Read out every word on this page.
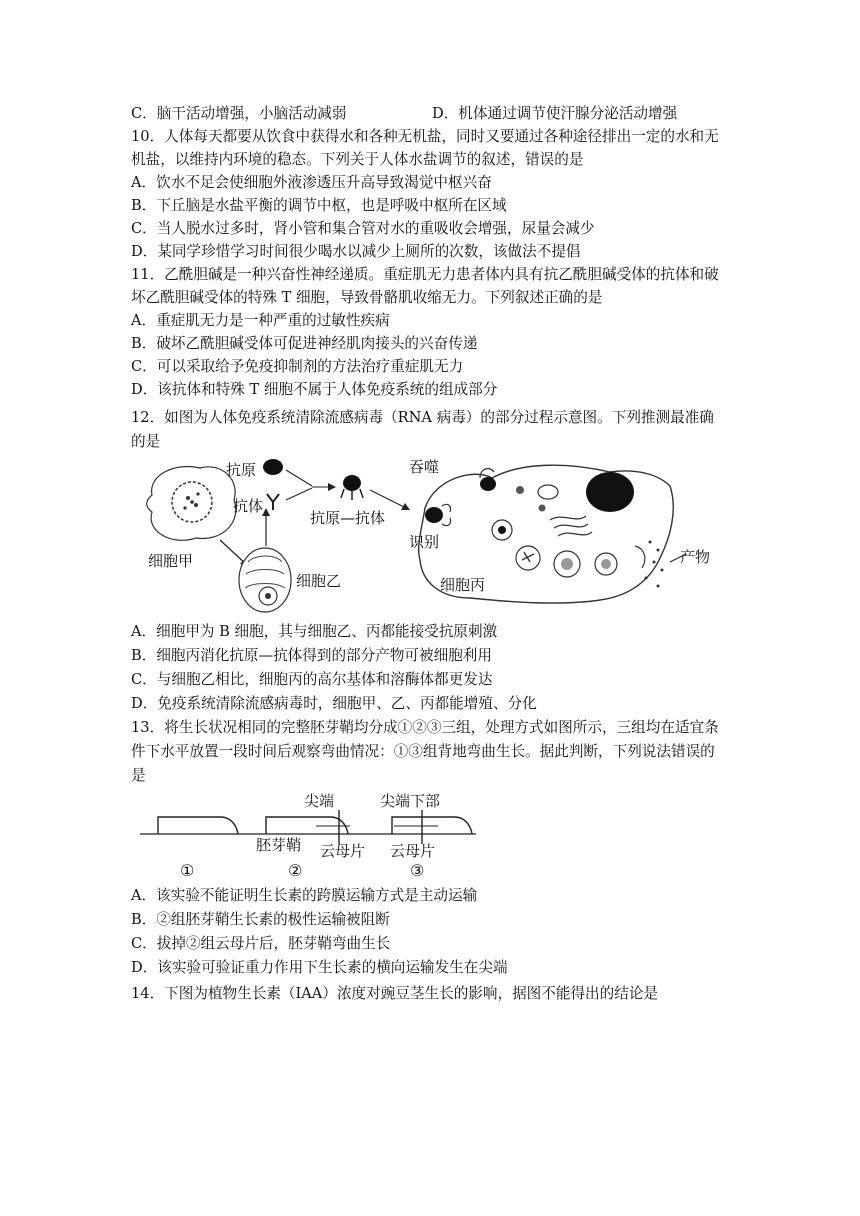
C．脑干活动增强，小脑活动减弱	D．机体通过调节使汗腺分泌活动增强
10．人体每天都要从饮食中获得水和各种无机盐，同时又要通过各种途径排出一定的水和无
机盐，以维持内环境的稳态。下列关于人体水盐调节的叙述，错误的是
A．饮水不足会使细胞外液渗透压升高导致渴觉中枢兴奋
B．下丘脑是水盐平衡的调节中枢，也是呼吸中枢所在区域
C．当人脱水过多时，肾小管和集合管对水的重吸收会增强，尿量会减少
D．某同学珍惜学习时间很少喝水以减少上厕所的次数，该做法不提倡
11．乙酰胆碱是一种兴奋性神经递质。重症肌无力患者体内具有抗乙酰胆碱受体的抗体和破
坏乙酰胆碱受体的特殊 T 细胞，导致骨骼肌收缩无力。下列叙述正确的是
A．重症肌无力是一种严重的过敏性疾病
B．破坏乙酰胆碱受体可促进神经肌肉接头的兴奋传递
C．可以采取给予免疫抑制剂的方法治疗重症肌无力
D．该抗体和特殊 T 细胞不属于人体免疫系统的组成部分
12．如图为人体免疫系统清除流感病毒（RNA 病毒）的部分过程示意图。下列推测最准确
的是
细胞甲
细胞乙
抗体
抗原
抗原—抗体
吞噬
识别
细胞丙
产物
A．细胞甲为 B 细胞，其与细胞乙、丙都能接受抗原刺激
B．细胞丙消化抗原—抗体得到的部分产物可被细胞利用
C．与细胞乙相比，细胞丙的高尔基体和溶酶体都更发达
D．免疫系统清除流感病毒时，细胞甲、乙、丙都能增殖、分化
13．将生长状况相同的完整胚芽鞘均分成①②③三组，处理方式如图所示，三组均在适宜条
件下水平放置一段时间后观察弯曲情况：①③组背地弯曲生长。据此判断，下列说法错误的
是
尖端	尖端下部
胚芽鞘 云母片 云母片
①	②	③
A．该实验不能证明生长素的跨膜运输方式是主动运输
B．②组胚芽鞘生长素的极性运输被阻断
C．拔掉②组云母片后，胚芽鞘弯曲生长
D．该实验可验证重力作用下生长素的横向运输发生在尖端
14．下图为植物生长素（IAA）浓度对豌豆茎生长的影响，据图不能得出的结论是
